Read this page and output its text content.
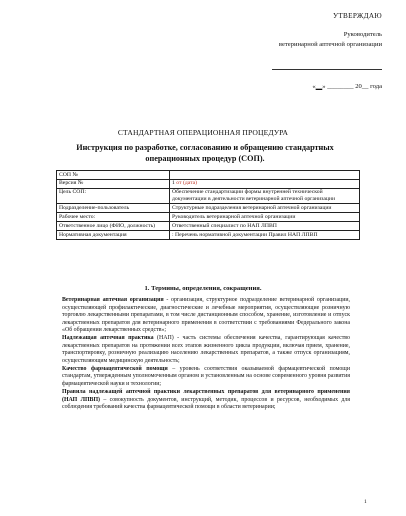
УТВЕРЖДАЮ
Руководитель
ветеринарной аптечной организации
«__» ________ 20__ года
СТАНДАРТНАЯ ОПЕРАЦИОННАЯ ПРОЦЕДУРА
Инструкция по разработке, согласованию и обращению стандартных операционных процедур (СОП).
СОП №	
Версия №	1 от (дата)
Цель СОП:	Обеспечение стандартизации формы внутренней технической документации в деятельности ветеринарной аптечной организации
Подразделение-пользователь	Структурные подразделения ветеринарной аптечной организации
Рабочее место:	Руководитель ветеринарной аптечной организации
Ответственное лицо (ФИО, должность)	Ответственный специалист по НАП ЛПВП
Нормативная документация	: Перечень нормативной документации Правил НАП ЛПВП
1. Термины, определения, сокращения.

Ветеринарная аптечная организация - организация, структурное подразделение ветеринарной организации, осуществляющей профилактические, диагностические и лечебные мероприятия, осуществляющие розничную торговлю лекарственными препаратами, в том числе дистанционным способом, хранение, изготовление и отпуск лекарственных препаратов для ветеринарного применения в соответствии с требованиями Федерального закона «Об обращении лекарственных средств»;

Надлежащая аптечная практика (НАП) - часть системы обеспечения качества, гарантирующая качество лекарственных препаратов на протяжении всех этапов жизненного цикла продукции, включая прием, хранение, транспортировку, розничную реализацию населению лекарственных препаратов, а также отпуск организациям, осуществляющим медицинскую деятельность;

Качество фармацевтической помощи – уровень соответствия оказываемой фармацевтической помощи стандартам, утвержденным уполномоченным органом и установленным на основе современного уровня развития фармацевтической науки и технологии;

Правила надлежащей аптечной практики лекарственных препаратов для ветеринарного применения (НАП ЛПВП) – совокупность документов, инструкций, методик, процессов и ресурсов, необходимых для соблюдения требований качества фармацевтической помощи в области ветеринарии;

1
